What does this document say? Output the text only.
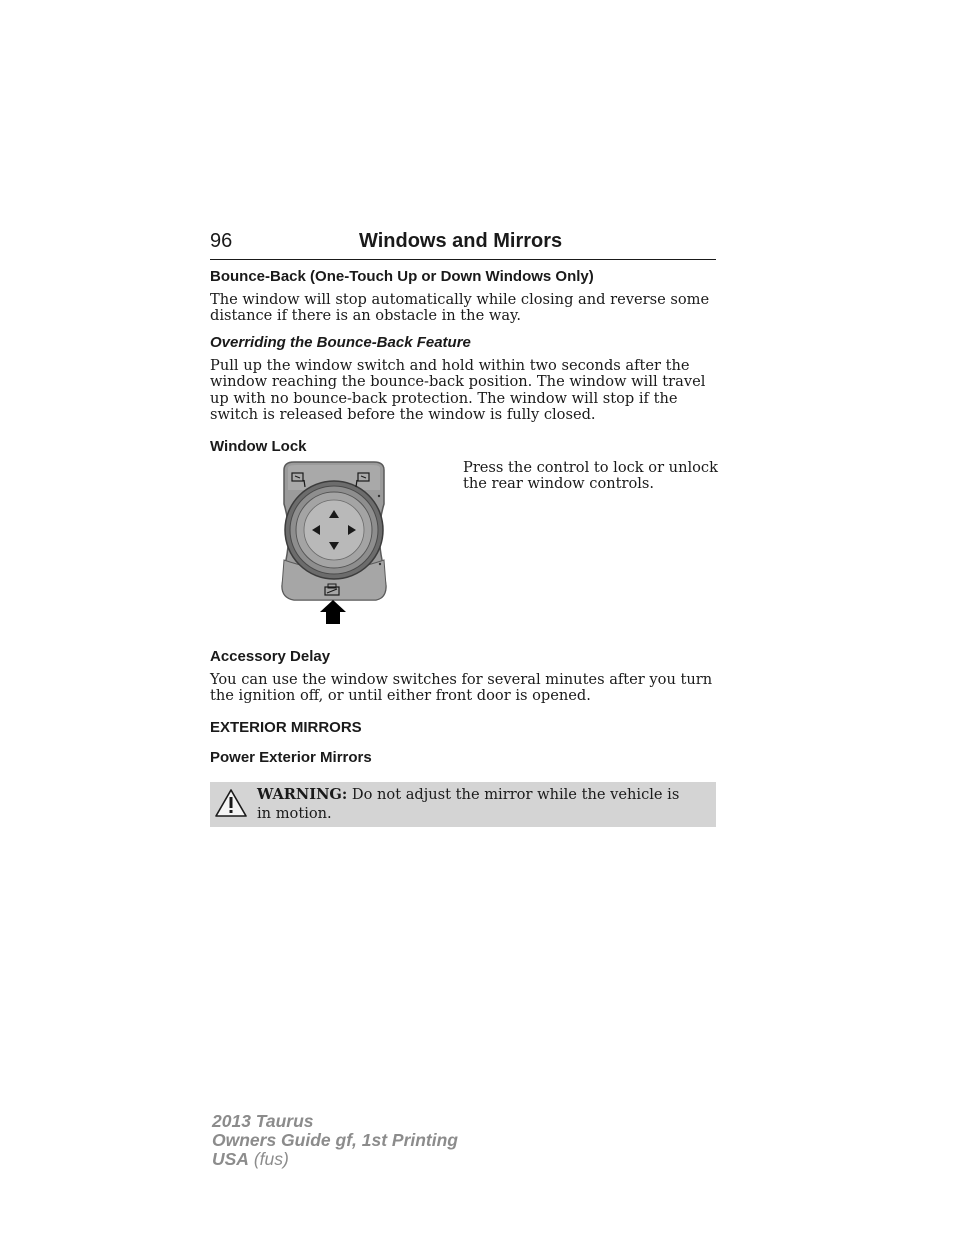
96	Windows and Mirrors
Bounce-Back (One-Touch Up or Down Windows Only)
The window will stop automatically while closing and reverse some distance if there is an obstacle in the way.
Overriding the Bounce-Back Feature
Pull up the window switch and hold within two seconds after the window reaching the bounce-back position. The window will travel up with no bounce-back protection. The window will stop if the switch is released before the window is fully closed.
Window Lock
Press the control to lock or unlock the rear window controls.
Accessory Delay
You can use the window switches for several minutes after you turn the ignition off, or until either front door is opened.
EXTERIOR MIRRORS
Power Exterior Mirrors
WARNING: Do not adjust the mirror while the vehicle is in motion.
2013 Taurus
Owners Guide gf, 1st Printing
USA (fus)
